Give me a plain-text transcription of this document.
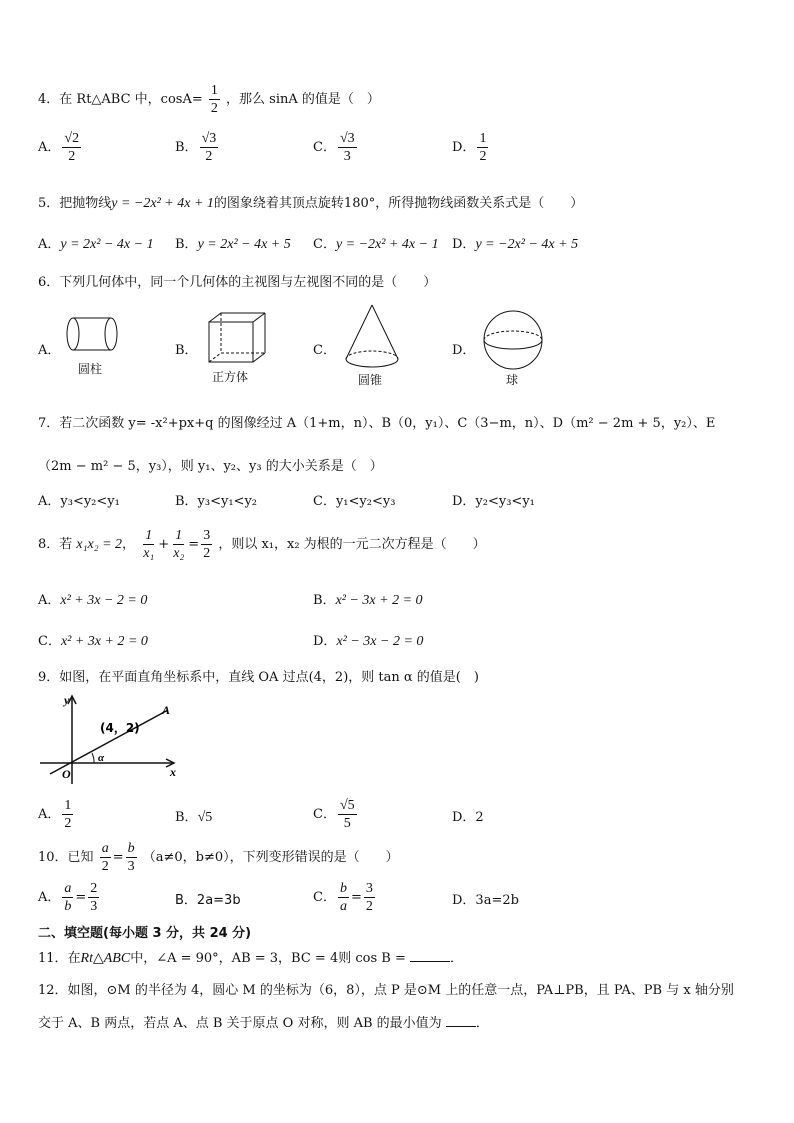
4．在 Rt△ABC 中，$\cos A= \frac{1}{2}$ ，那么 sinA 的值是（　）
A． $\frac{√2}{2}$	B． $\frac{√3}{2}$	C． $\frac{√3}{3}$	D． $\frac{1}{2}$
5．把抛物线y = −2x² + 4x + 1的图象绕着其顶点旋转180°，所得抛物线函数关系式是（　　）
A．y = 2x² − 4x − 1 B．y = 2x² − 4x + 5 C．y = −2x² + 4x − 1 D．y = −2x² − 4x + 5
6．下列几何体中，同一个几何体的主视图与左视图不同的是（　　）
A．	B．	C．	D．
圆柱
正方体	圆锥	球
7．若二次函数 y= -x²+px+q 的图像经过 A（1+m，n）、B（0，y₁）、C（3−m，n）、D（m² − 2m + 5，y₂）、E
（2m − m² − 5，y₃），则 y₁、y₂、y₃ 的大小关系是（　）
A．y₃<y₂<y₁	B．y₃<y₁<y₂	C．y₁<y₂<y₃	D．y₂<y₃<y₁
8．若 x₁x₂ = 2， $\frac{1}{\text{x₁}} + \frac{1}{\text{x₂}} = \frac{3}{2}$ ，则以 x₁，x₂ 为根的一元二次方程是（　　）
A．x² + 3x − 2 = 0	B．x² − 3x + 2 = 0
C．x² + 3x + 2 = 0	D．x² − 3x − 2 = 0
9．如图，在平面直角坐标系中，直线 OA 过点(4，2)，则 tan α 的值是(　)
y
x
O
A
(4，2)
α
A． $\frac{1}{2}$	B．√5	C． $\frac{√5}{5}$	D．2
10．已知 $\frac{a}{2} = \frac{b}{3} (a\ne 0$，b≠0），下列变形错误的是（　　）
A． $\frac{a}{b} = \frac{2}{3}$	B．2a=3b	C． $\frac{b}{a} = \frac{3}{2}$	D．3a=2b
二、填空题(每小题 3 分，共 24 分)
11．在Rt△ABC中，∠A = 90°，AB = 3，BC = 4则 cos B =	．
12．如图，⊙M 的半径为 4，圆心 M 的坐标为（6，8），点 P 是⊙M 上的任意一点，PA⊥PB，且 PA、PB 与 x 轴分别
交于 A、B 两点，若点 A、点 B 关于原点 O 对称，则 AB 的最小值为	．
